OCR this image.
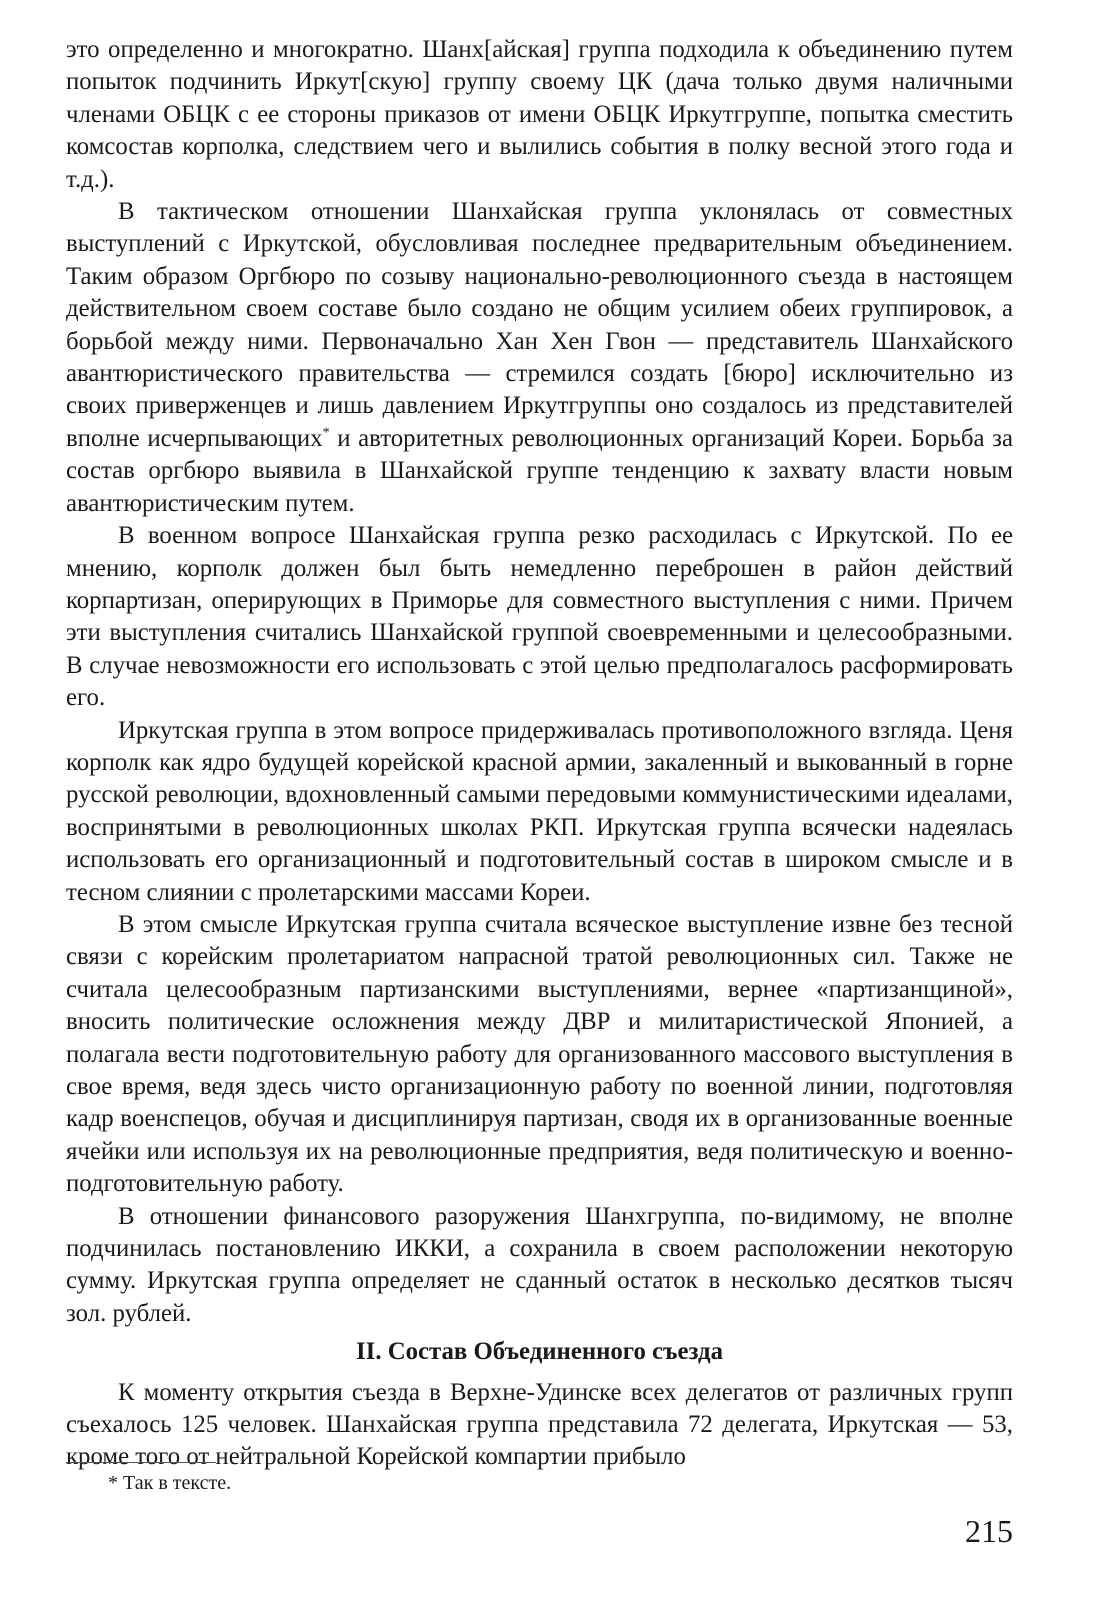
это определенно и многократно. Шанх[айская] группа подходила к объединению путем попыток подчинить Иркут[скую] группу своему ЦК (дача только двумя наличными членами ОБЦК с ее стороны приказов от имени ОБЦК Иркутгруппе, попытка сместить комсостав корполка, следствием чего и вылились события в полку весной этого года и т.д.).

В тактическом отношении Шанхайская группа уклонялась от совместных выступлений с Иркутской, обусловливая последнее предварительным объединением. Таким образом Оргбюро по созыву национально-революционного съезда в настоящем действительном своем составе было создано не общим усилием обеих группировок, а борьбой между ними. Первоначально Хан Хен Гвон — представитель Шанхайского авантюристического правительства — стремился создать [бюро] исключительно из своих приверженцев и лишь давлением Иркутгруппы оно создалось из представителей вполне исчерпывающих* и авторитетных революционных организаций Кореи. Борьба за состав оргбюро выявила в Шанхайской группе тенденцию к захвату власти новым авантюристическим путем.

В военном вопросе Шанхайская группа резко расходилась с Иркутской. По ее мнению, корполк должен был быть немедленно переброшен в район действий корпартизан, оперирующих в Приморье для совместного выступления с ними. Причем эти выступления считались Шанхайской группой своевременными и целесообразными. В случае невозможности его использовать с этой целью предполагалось расформировать его.

Иркутская группа в этом вопросе придерживалась противоположного взгляда. Ценя корполк как ядро будущей корейской красной армии, закаленный и выкованный в горне русской революции, вдохновленный самыми передовыми коммунистическими идеалами, воспринятыми в революционных школах РКП. Иркутская группа всячески надеялась использовать его организационный и подготовительный состав в широком смысле и в тесном слиянии с пролетарскими массами Кореи.

В этом смысле Иркутская группа считала всяческое выступление извне без тесной связи с корейским пролетариатом напрасной тратой революционных сил. Также не считала целесообразным партизанскими выступлениями, вернее «партизанщиной», вносить политические осложнения между ДВР и милитаристической Японией, а полагала вести подготовительную работу для организованного массового выступления в свое время, ведя здесь чисто организационную работу по военной линии, подготовляя кадр военспецов, обучая и дисциплинируя партизан, сводя их в организованные военные ячейки или используя их на революционные предприятия, ведя политическую и военно-подготовительную работу.

В отношении финансового разоружения Шанхгруппа, по-видимому, не вполне подчинилась постановлению ИККИ, а сохранила в своем расположении некоторую сумму. Иркутская группа определяет не сданный остаток в несколько десятков тысяч зол. рублей.

II. Состав Объединенного съезда

К моменту открытия съезда в Верхне-Удинске всех делегатов от различных групп съехалось 125 человек. Шанхайская группа представила 72 делегата, Иркутская — 53, кроме того от нейтральной Корейской компартии прибыло

* Так в тексте.
215
